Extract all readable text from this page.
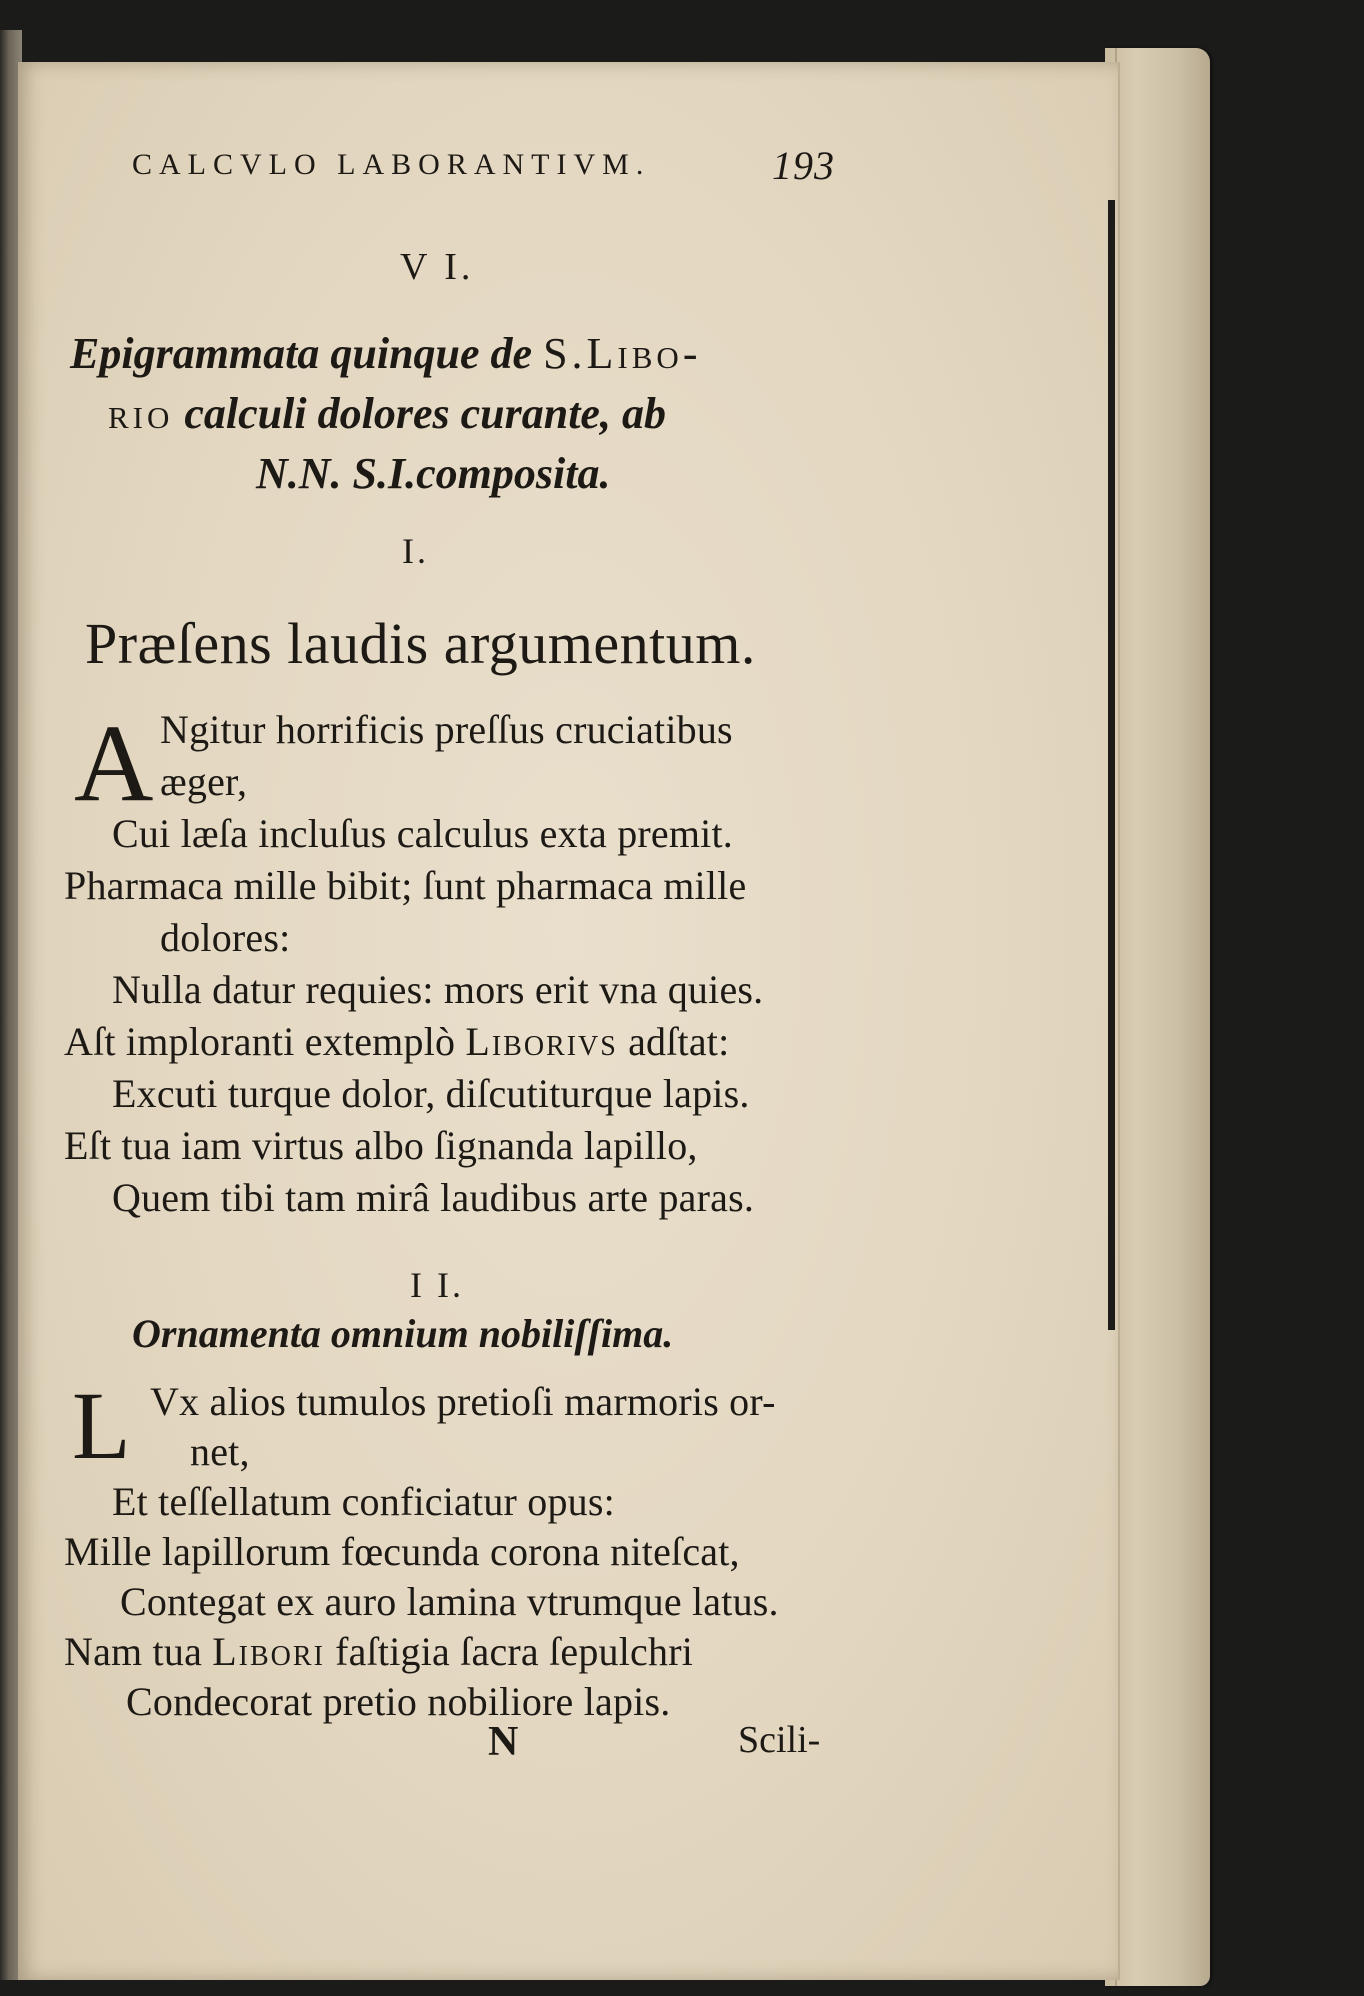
CALCVLO LABORANTIVM.	193
V I.
Epigrammata quinque de S.Libo-
rio calculi dolores curante, ab
N.N. S.I.composita.
I.
Præſens laudis argumentum.
A Ngitur horrificis preſſus cruciatibus
æger,
Cui læſa incluſus calculus exta premit.
Pharmaca mille bibit; ſunt pharmaca mille
dolores:
Nulla datur requies: mors erit vna quies.
Aſt imploranti extemplò Liborivs adſtat:
Excuti turque dolor, diſcutiturque lapis.
Eſt tua iam virtus albo ſignanda lapillo,
Quem tibi tam mirâ laudibus arte paras.
I I.
Ornamenta omnium nobiliſſima.
L Vx alios tumulos pretioſi marmoris or-
net,
Et teſſellatum conficiatur opus:
Mille lapillorum fœcunda corona niteſcat,
Contegat ex auro lamina vtrumque latus.
Nam tua Libori faſtigia ſacra ſepulchri
Condecorat pretio nobiliore lapis.
N	Scili-
